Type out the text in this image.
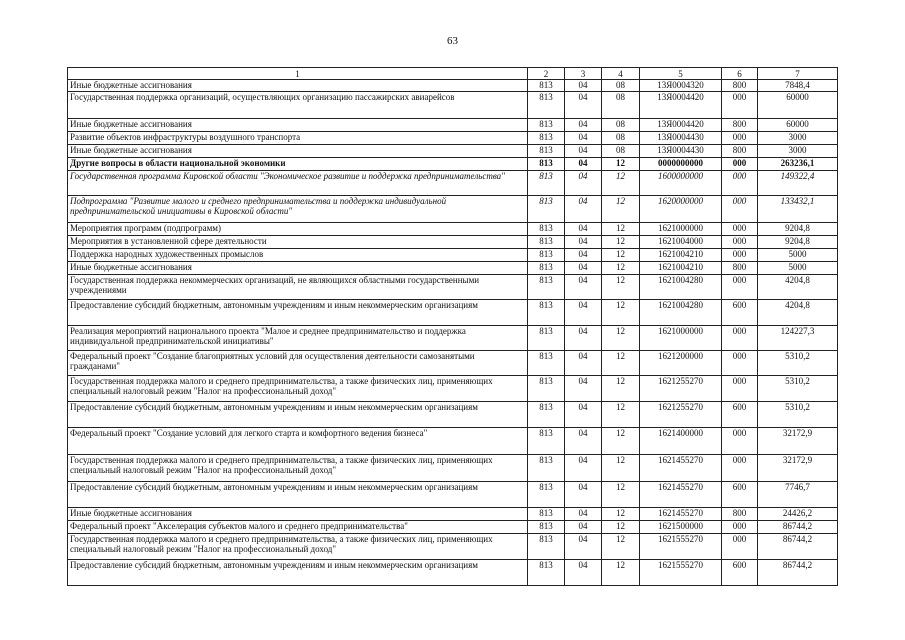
63
1	2	3	4	5	6	7
Иные бюджетные ассигнования	813	04	08	13Я0004320	800	7848,4
Государственная поддержка организаций, осуществляющих организацию пассажирских авиарейсов	813	04	08	13Я0004420	000	60000
Иные бюджетные ассигнования	813	04	08	13Я0004420	800	60000
Развитие объектов инфраструктуры воздушного транспорта	813	04	08	13Я0004430	000	3000
Иные бюджетные ассигнования	813	04	08	13Я0004430	800	3000
Другие вопросы в области национальной экономики	813	04	12	0000000000	000	263236,1
Государственная программа Кировской области "Экономическое развитие и поддержка предпринимательства"	813	04	12	1600000000	000	149322,4
Подпрограмма "Развитие малого и среднего предпринимательства и поддержка индивидуальной предпринимательской инициативы в Кировской области"	813	04	12	1620000000	000	133432,1
Мероприятия программ (подпрограмм)	813	04	12	1621000000	000	9204,8
Мероприятия в установленной сфере деятельности	813	04	12	1621004000	000	9204,8
Поддержка народных художественных промыслов	813	04	12	1621004210	000	5000
Иные бюджетные ассигнования	813	04	12	1621004210	800	5000
Государственная поддержка некоммерческих организаций, не являющихся областными государственными учреждениями	813	04	12	1621004280	000	4204,8
Предоставление субсидий бюджетным, автономным учреждениям и иным некоммерческим организациям	813	04	12	1621004280	600	4204,8
Реализация мероприятий национального проекта "Малое и среднее предпринимательство и поддержка индивидуальной предпринимательской инициативы"	813	04	12	1621000000	000	124227,3
Федеральный проект "Создание благоприятных условий для осуществления деятельности самозанятыми гражданами"	813	04	12	1621200000	000	5310,2
Государственная поддержка малого и среднего предпринимательства, а также физических лиц, применяющих специальный налоговый режим "Налог на профессиональный доход"	813	04	12	1621255270	000	5310,2
Предоставление субсидий бюджетным, автономным учреждениям и иным некоммерческим организациям	813	04	12	1621255270	600	5310,2
Федеральный проект "Создание условий для легкого старта и комфортного ведения бизнеса"	813	04	12	1621400000	000	32172,9
Государственная поддержка малого и среднего предпринимательства, а также физических лиц, применяющих специальный налоговый режим "Налог на профессиональный доход"	813	04	12	1621455270	000	32172,9
Предоставление субсидий бюджетным, автономным учреждениям и иным некоммерческим организациям	813	04	12	1621455270	600	7746,7
Иные бюджетные ассигнования	813	04	12	1621455270	800	24426,2
Федеральный проект "Акселерация субъектов малого и среднего предпринимательства"	813	04	12	1621500000	000	86744,2
Государственная поддержка малого и среднего предпринимательства, а также физических лиц, применяющих специальный налоговый режим "Налог на профессиональный доход"	813	04	12	1621555270	000	86744,2
Предоставление субсидий бюджетным, автономным учреждениям и иным некоммерческим организациям	813	04	12	1621555270	600	86744,2
